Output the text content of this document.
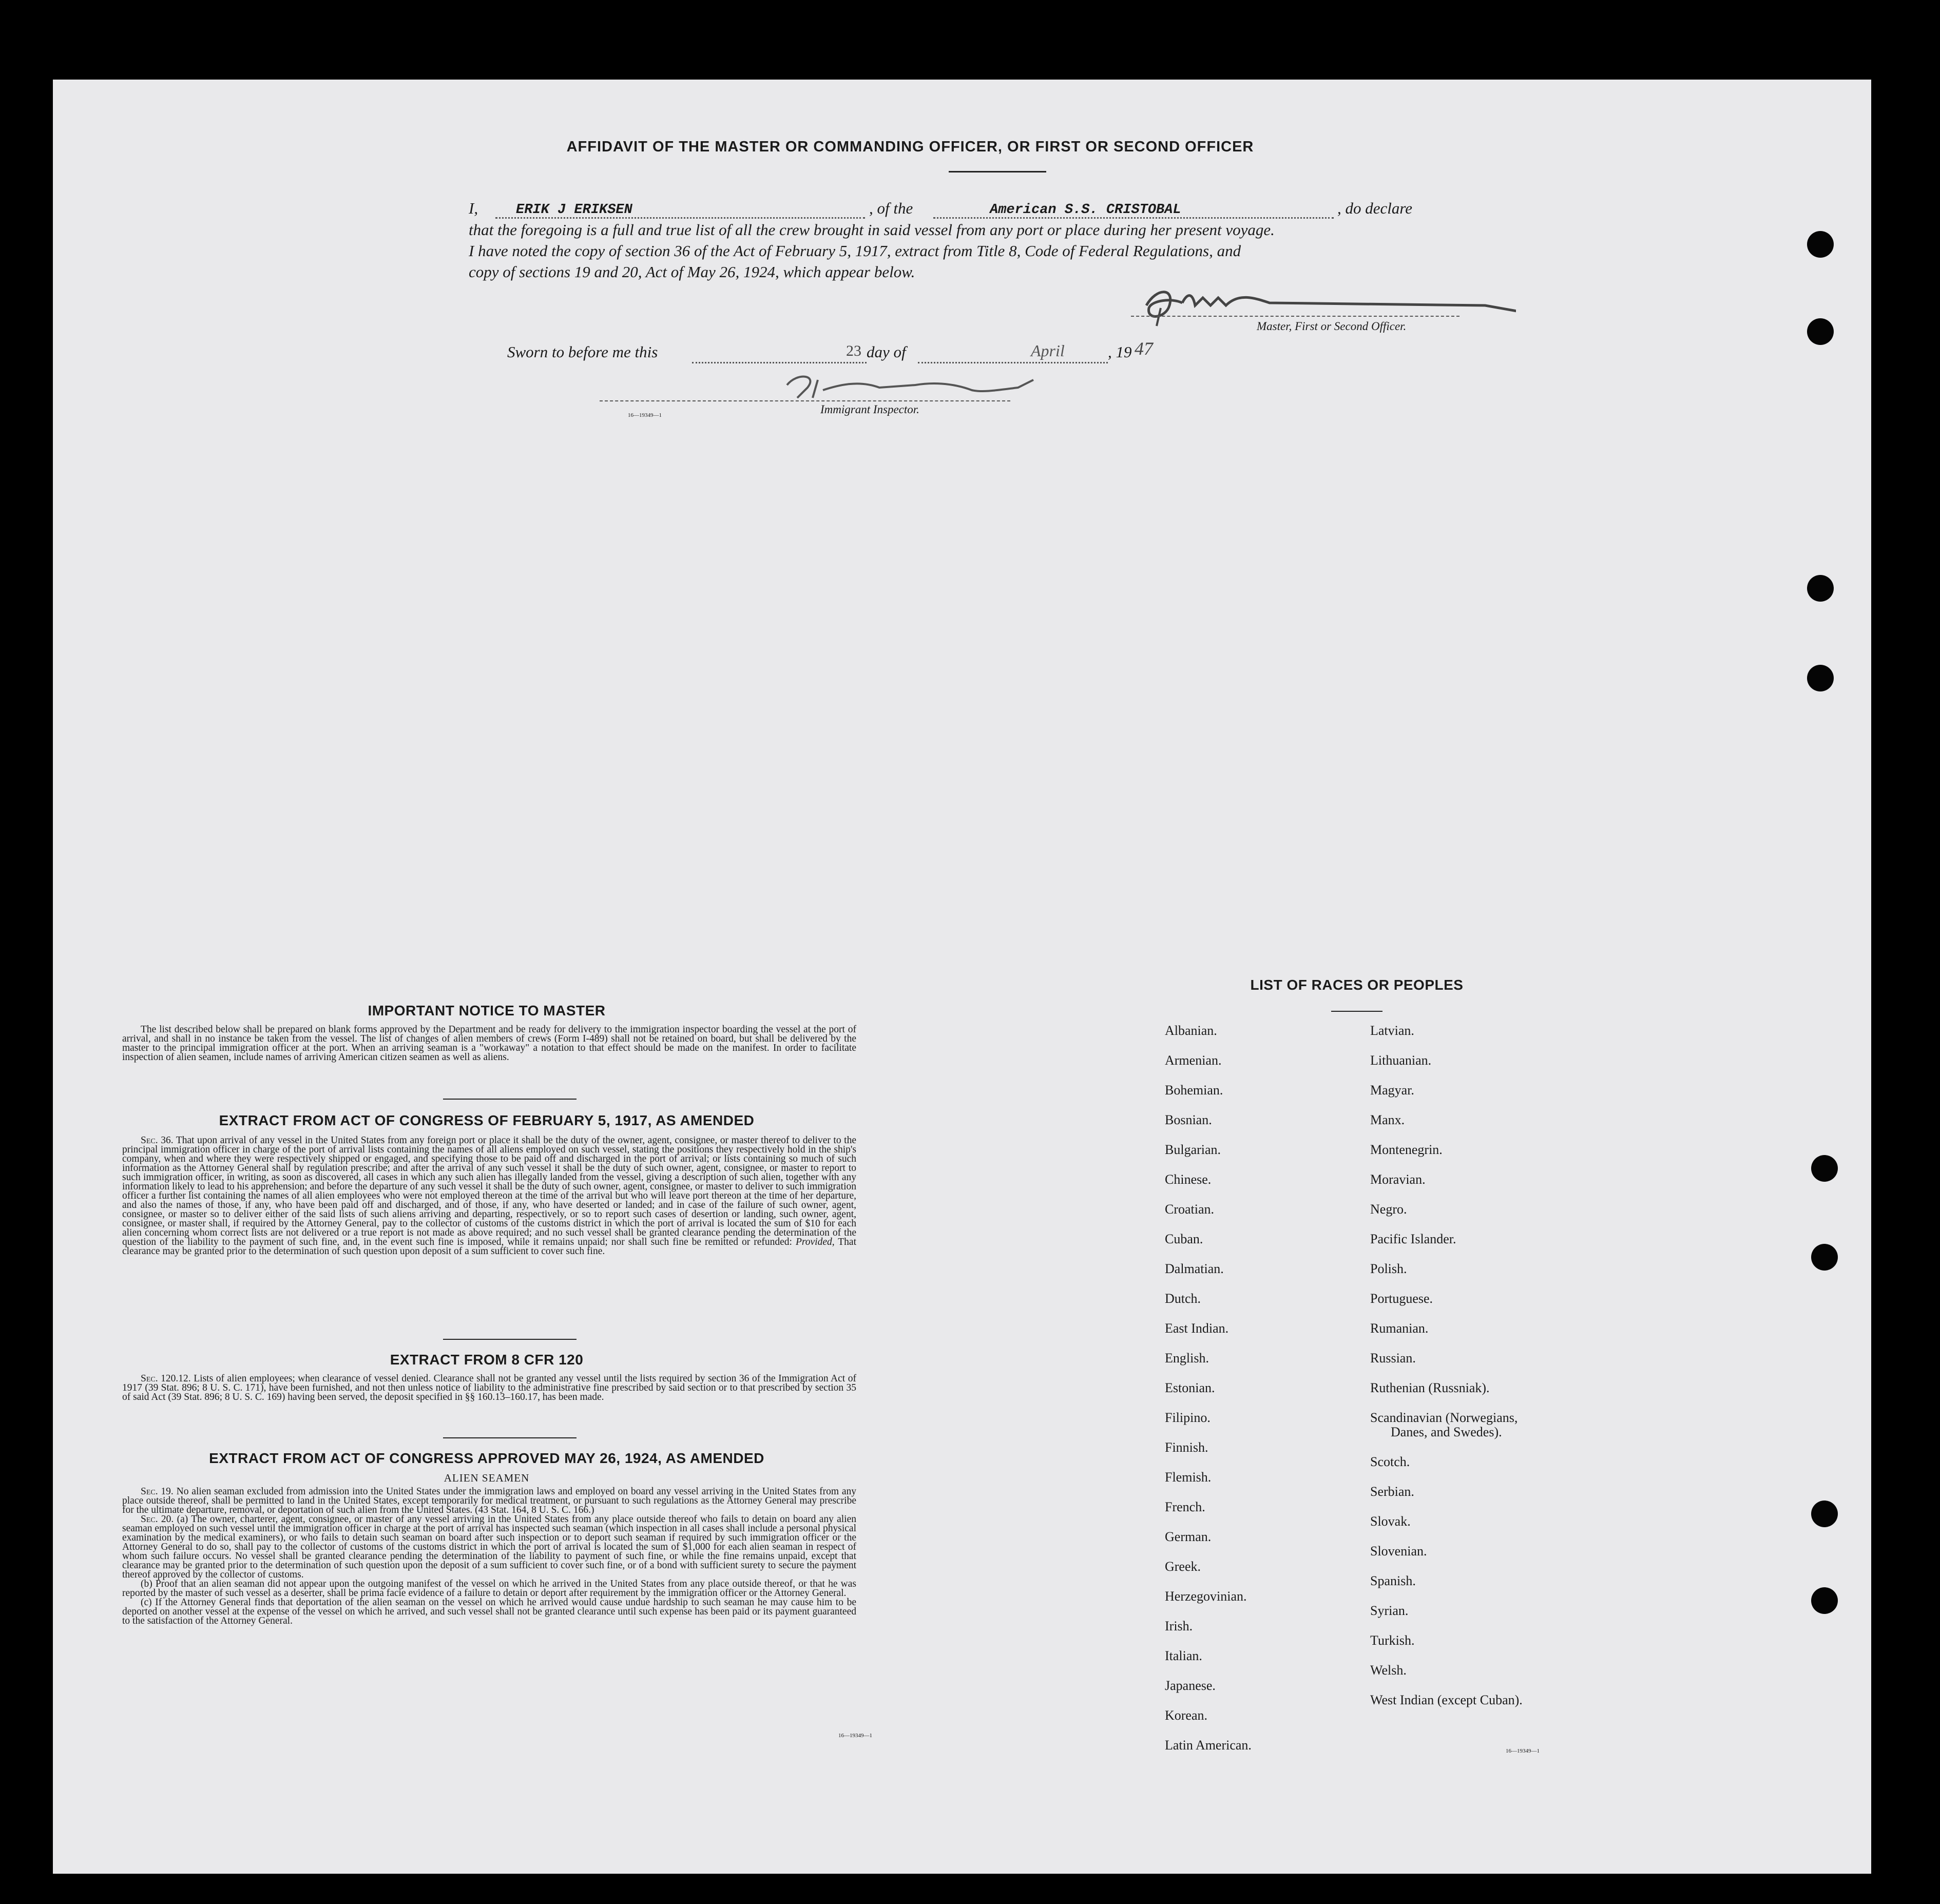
AFFIDAVIT OF THE MASTER OR COMMANDING OFFICER, OR FIRST OR SECOND OFFICER
I,	ERIK J ERIKSEN	, of the	American S.S. CRISTOBAL	, do declare
that the foregoing is a full and true list of all the crew brought in said vessel from any port or place during her present voyage.
I have noted the copy of section 36 of the Act of February 5, 1917, extract from Title 8, Code of Federal Regulations, and
copy of sections 19 and 20, Act of May 26, 1924, which appear below.
Master, First or Second Officer.
Sworn to before me this	23 day of	April	, 19 47
16—19349—1	Immigrant Inspector.
IMPORTANT NOTICE TO MASTER

The list described below shall be prepared on blank forms approved by the Department and be ready for delivery to the immigration inspector boarding the vessel at the port of arrival, and shall in no instance be taken from the vessel. The list of changes of alien members of crews (Form I-489) shall not be retained on board, but shall be delivered by the master to the principal immigration officer at the port. When an arriving seaman is a "workaway" a notation to that effect should be made on the manifest. In order to facilitate inspection of alien seamen, include names of arriving American citizen seamen as well as aliens.

EXTRACT FROM ACT OF CONGRESS OF FEBRUARY 5, 1917, AS AMENDED

Sec. 36. That upon arrival of any vessel in the United States from any foreign port or place it shall be the duty of the owner, agent, consignee, or master thereof to deliver to the principal immigration officer in charge of the port of arrival lists containing the names of all aliens employed on such vessel, stating the positions they respectively hold in the ship's company, when and where they were respectively shipped or engaged, and specifying those to be paid off and discharged in the port of arrival; or lists containing so much of such information as the Attorney General shall by regulation prescribe; and after the arrival of any such vessel it shall be the duty of such owner, agent, consignee, or master to report to such immigration officer, in writing, as soon as discovered, all cases in which any such alien has illegally landed from the vessel, giving a description of such alien, together with any information likely to lead to his apprehension; and before the departure of any such vessel it shall be the duty of such owner, agent, consignee, or master to deliver to such immigration officer a further list containing the names of all alien employees who were not employed thereon at the time of the arrival but who will leave port thereon at the time of her departure, and also the names of those, if any, who have been paid off and discharged, and of those, if any, who have deserted or landed; and in case of the failure of such owner, agent, consignee, or master so to deliver either of the said lists of such aliens arriving and departing, respectively, or so to report such cases of desertion or landing, such owner, agent, consignee, or master shall, if required by the Attorney General, pay to the collector of customs of the customs district in which the port of arrival is located the sum of $10 for each alien concerning whom correct lists are not delivered or a true report is not made as above required; and no such vessel shall be granted clearance pending the determination of the question of the liability to the payment of such fine, and, in the event such fine is imposed, while it remains unpaid; nor shall such fine be remitted or refunded: Provided, That clearance may be granted prior to the determination of such question upon deposit of a sum sufficient to cover such fine.

EXTRACT FROM 8 CFR 120

Sec. 120.12. Lists of alien employees; when clearance of vessel denied. Clearance shall not be granted any vessel until the lists required by section 36 of the Immigration Act of 1917 (39 Stat. 896; 8 U. S. C. 171), have been furnished, and not then unless notice of liability to the administrative fine prescribed by said section or to that prescribed by section 35 of said Act (39 Stat. 896; 8 U. S. C. 169) having been served, the deposit specified in §§ 160.13–160.17, has been made.

EXTRACT FROM ACT OF CONGRESS APPROVED MAY 26, 1924, AS AMENDED
ALIEN SEAMEN

Sec. 19. No alien seaman excluded from admission into the United States under the immigration laws and employed on board any vessel arriving in the United States from any place outside thereof, shall be permitted to land in the United States, except temporarily for medical treatment, or pursuant to such regulations as the Attorney General may prescribe for the ultimate departure, removal, or deportation of such alien from the United States. (43 Stat. 164, 8 U. S. C. 166.)

Sec. 20. (a) The owner, charterer, agent, consignee, or master of any vessel arriving in the United States from any place outside thereof who fails to detain on board any alien seaman employed on such vessel until the immigration officer in charge at the port of arrival has inspected such seaman (which inspection in all cases shall include a personal physical examination by the medical examiners), or who fails to detain such seaman on board after such inspection or to deport such seaman if required by such immigration officer or the Attorney General to do so, shall pay to the collector of customs of the customs district in which the port of arrival is located the sum of $1,000 for each alien seaman in respect of whom such failure occurs. No vessel shall be granted clearance pending the determination of the liability to payment of such fine, or while the fine remains unpaid, except that clearance may be granted prior to the determination of such question upon the deposit of a sum sufficient to cover such fine, or of a bond with sufficient surety to secure the payment thereof approved by the collector of customs.

(b) Proof that an alien seaman did not appear upon the outgoing manifest of the vessel on which he arrived in the United States from any place outside thereof, or that he was reported by the master of such vessel as a deserter, shall be prima facie evidence of a failure to detain or deport after requirement by the immigration officer or the Attorney General.

(c) If the Attorney General finds that deportation of the alien seaman on the vessel on which he arrived would cause undue hardship to such seaman he may cause him to be deported on another vessel at the expense of the vessel on which he arrived, and such vessel shall not be granted clearance until such expense has been paid or its payment guaranteed to the satisfaction of the Attorney General.

16—19349—1
LIST OF RACES OR PEOPLES
Albanian.
Armenian.
Bohemian.
Bosnian.
Bulgarian.
Chinese.
Croatian.
Cuban.
Dalmatian.
Dutch.
East Indian.
English.
Estonian.
Filipino.
Finnish.
Flemish.
French.
German.
Greek.
Herzegovinian.
Irish.
Italian.
Japanese.
Korean.
Latin American.
Latvian.
Lithuanian.
Magyar.
Manx.
Montenegrin.
Moravian.
Negro.
Pacific Islander.
Polish.
Portuguese.
Rumanian.
Russian.
Ruthenian (Russniak).
Scandinavian (Norwegians,
Danes, and Swedes).
Scotch.
Serbian.
Slovak.
Slovenian.
Spanish.
Syrian.
Turkish.
Welsh.
West Indian (except Cuban).
16—19349—1
